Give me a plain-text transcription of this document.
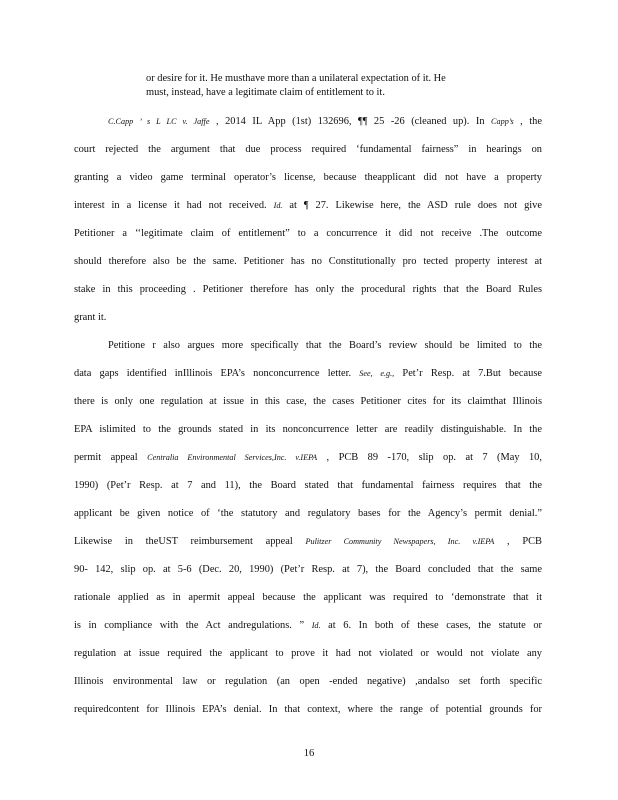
or desire for it. He musthave more than a unilateral expectation of it. He
must, instead, have a legitimate claim of entitlement to it.
C.Capp ’ s L LC v. Jaffe , 2014 IL App (1st) 132696, ¶¶ 25 -26 (cleaned up). In Capp’s , the
court rejected the argument that due process required ‘fundamental fairness” in hearings on
granting a video game terminal operator’s license, because theapplicant did not have a property
interest in a license it had not received. Id. at ¶ 27. Likewise here, the ASD rule does not give
Petitioner a ‘‘legitimate claim of entitlement” to a concurrence it did not receive .The outcome
should therefore also be the same. Petitioner has no Constitutionally pro tected property interest at
stake in this proceeding . Petitioner therefore has only the procedural rights that the Board Rules
grant it.
Petitione r also argues more specifically that the Board’s review should be limited to the
data gaps identified inIllinois EPA’s nonconcurrence letter. See, e.g., Pet’r Resp. at 7.But because
there is only one regulation at issue in this case, the cases Petitioner cites for its claimthat Illinois
EPA islimited to the grounds stated in its nonconcurrence letter are readily distinguishable. In the
permit appeal Centralia Environmental Services,Inc. v.IEPA , PCB 89 -170, slip op. at 7 (May 10,
1990) (Pet’r Resp. at 7 and 11), the Board stated that fundamental fairness requires that the
applicant be given notice of ‘the statutory and regulatory bases for the Agency’s permit denial.”
Likewise in theUST reimbursement appeal Pulitzer Community Newspapers, Inc. v.IEPA , PCB
90- 142, slip op. at 5-6 (Dec. 20, 1990) (Pet’r Resp. at 7), the Board concluded that the same
rationale applied as in apermit appeal because the applicant was required to ‘demonstrate that it
is in compliance with the Act andregulations. ” Id. at 6. In both of these cases, the statute or
regulation at issue required the applicant to prove it had not violated or would not violate any
Illinois environmental law or regulation (an open -ended negative) ,andalso set forth specific
requiredcontent for Illinois EPA’s denial. In that context, where the range of potential grounds for
16
